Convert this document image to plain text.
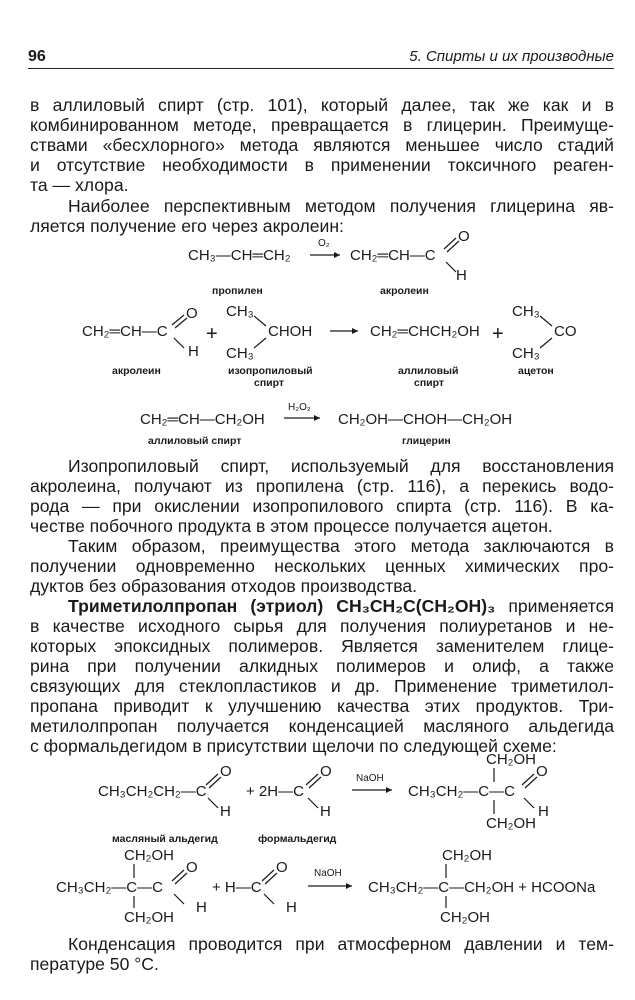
96	5. Спирты и их производные
в аллиловый спирт (стр. 101), который далее, так же как и в
комбинированном методе, превращается в глицерин. Преимуще-
ствами «бесхлорного» метода являются меньшее число стадий
и отсутствие необходимости в применении токсичного реаген-
та — хлора.
Наиболее перспективным методом получения глицерина яв-
ляется получение его через акролеин:
CH₃—CH═CH₂
O₂
CH₂═CH—C
O
H
пропилен	акролеин
CH₂═CH—C
O
H
+
CH₃
CH₃
CHOH	CH₂═CHCH₂OH +
CH₃
CH₃
CO
акролеин	изопропиловый
спирт
аллиловый
спирт
ацетон
CH₂═CH—CH₂OH
H₂O₂
CH₂OH—CHOH—CH₂OH
аллиловый спирт	глицерин
Изопропиловый спирт, используемый для восстановления
акролеина, получают из пропилена (стр. 116), а перекись водо-
рода — при окислении изопропилового спирта (стр. 116). В ка-
честве побочного продукта в этом процессе получается ацетон.
Таким образом, преимущества этого метода заключаются в
получении одновременно нескольких ценных химических про-
дуктов без образования отходов производства.
Триметилолпропан (этриол) CH₃CH₂C(CH₂OH)₃ применяется
в качестве исходного сырья для получения полиуретанов и не-
которых эпоксидных полимеров. Является заменителем глице-
рина при получении алкидных полимеров и олиф, а также
связующих для стеклопластиков и др. Применение триметилол-
пропана приводит к улучшению качества этих продуктов. Три-
метилолпропан получается конденсацией масляного альдегида
с формальдегидом в присутствии щелочи по следующей схеме:
CH₃CH₂CH₂—C
O
H
+ 2H—C
O
H
NaOH
CH₂OH
CH₃CH₂—C—C
CH₂OH
O
H
масляный альдегид	формальдегид
CH₂OH
CH₃CH₂—C—C
CH₂OH
O
H
+ H—C
O
H
NaOH
CH₂OH
CH₃CH₂—C—CH₂OH + HCOONa
CH₂OH
Конденсация проводится при атмосферном давлении и тем-
пературе 50 °C.
